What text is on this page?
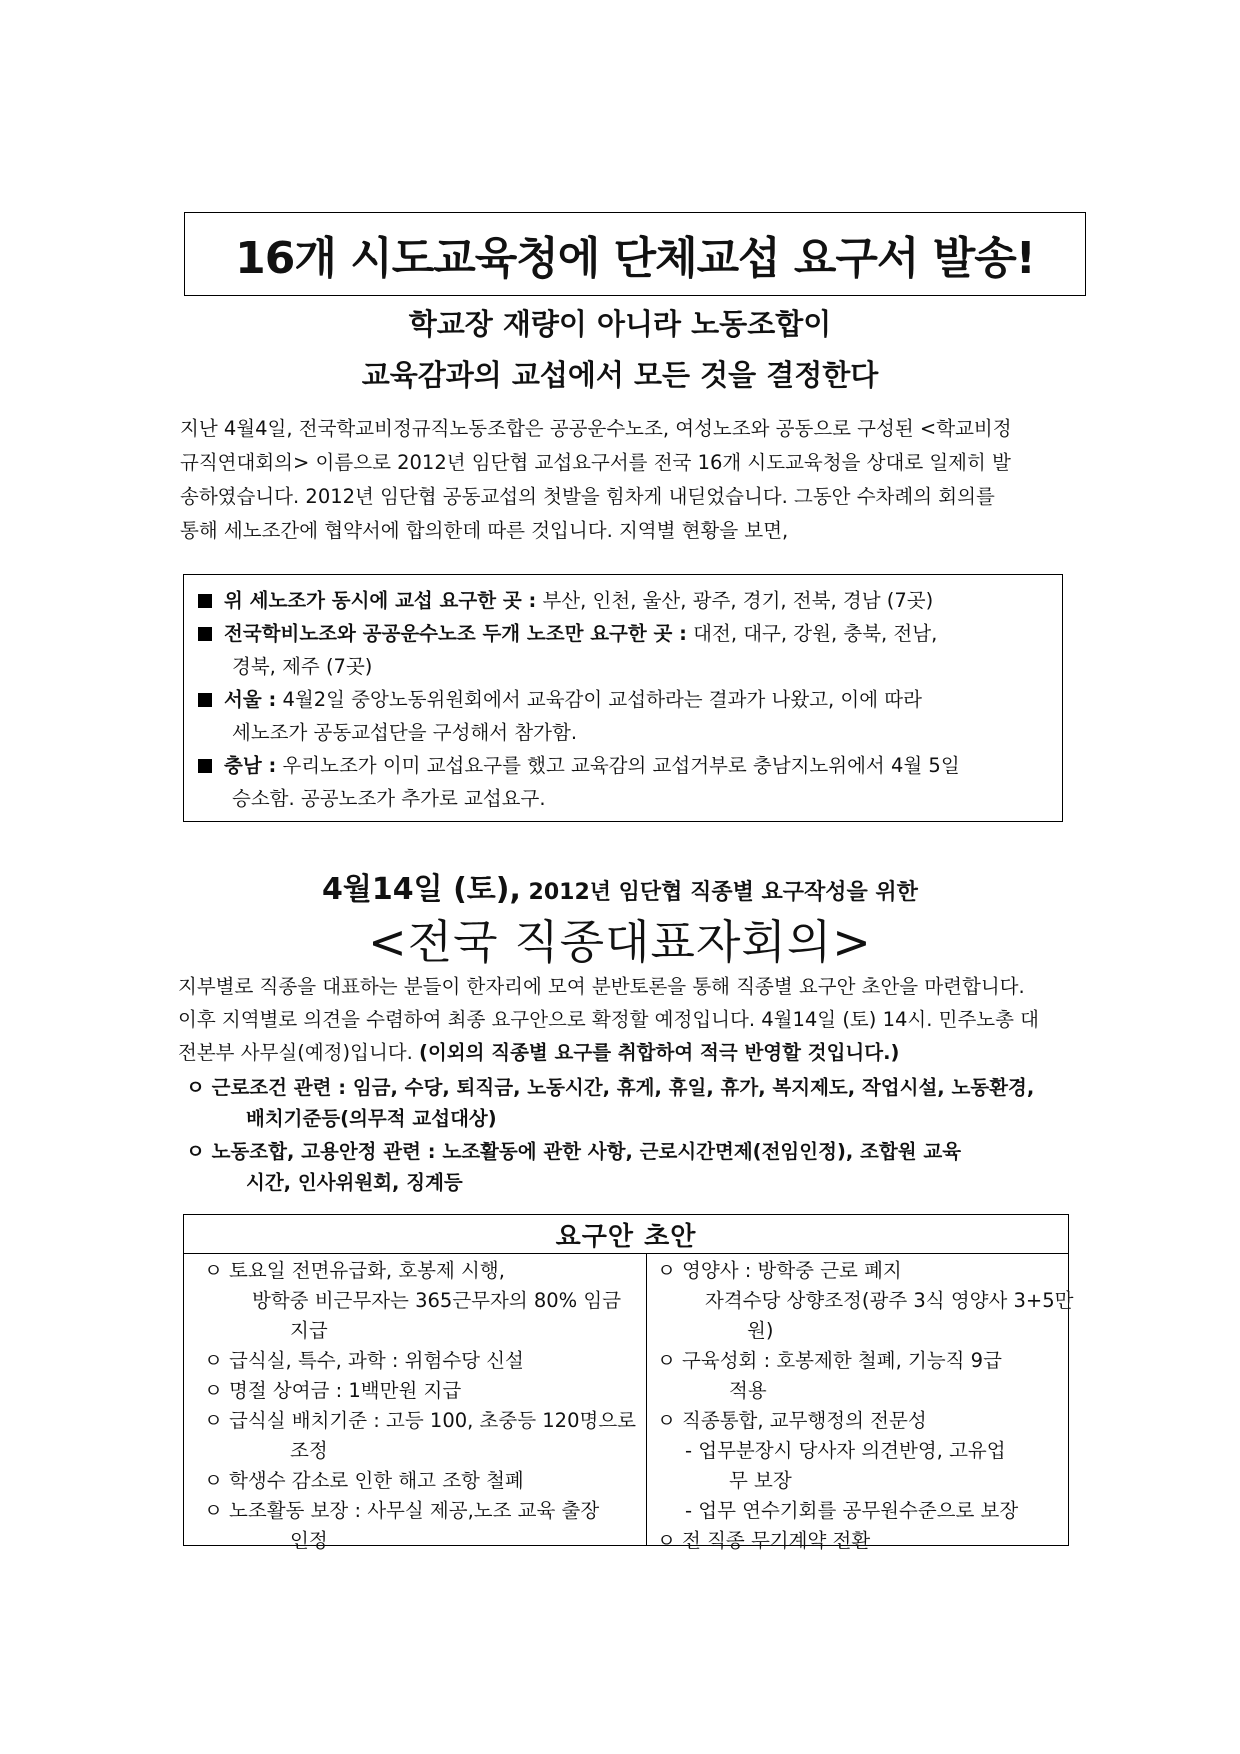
16개 시도교육청에 단체교섭 요구서 발송!
학교장 재량이 아니라 노동조합이
교육감과의 교섭에서 모든 것을 결정한다
지난 4월4일, 전국학교비정규직노동조합은 공공운수노조, 여성노조와 공동으로 구성된 <학교비정
규직연대회의> 이름으로 2012년 임단협 교섭요구서를 전국 16개 시도교육청을 상대로 일제히 발
송하였습니다. 2012년 임단협 공동교섭의 첫발을 힘차게 내딛었습니다. 그동안 수차례의 회의를
통해 세노조간에 협약서에 합의한데 따른 것입니다. 지역별 현황을 보면,
위 세노조가 동시에 교섭 요구한 곳 : 부산, 인천, 울산, 광주, 경기, 전북, 경남 (7곳)
전국학비노조와 공공운수노조 두개 노조만 요구한 곳 : 대전, 대구, 강원, 충북, 전남,
경북, 제주 (7곳)
서울 : 4월2일 중앙노동위원회에서 교육감이 교섭하라는 결과가 나왔고, 이에 따라
세노조가 공동교섭단을 구성해서 참가함.
충남 : 우리노조가 이미 교섭요구를 했고 교육감의 교섭거부로 충남지노위에서 4월 5일
승소함. 공공노조가 추가로 교섭요구.
4월14일 (토), 2012년 임단협 직종별 요구작성을 위한
<전국 직종대표자회의>
지부별로 직종을 대표하는 분들이 한자리에 모여 분반토론을 통해 직종별 요구안 초안을 마련합니다.
이후 지역별로 의견을 수렴하여 최종 요구안으로 확정할 예정입니다. 4월14일 (토) 14시. 민주노총 대
전본부 사무실(예정)입니다. (이외의 직종별 요구를 취합하여 적극 반영할 것입니다.)
ㅇ 근로조건 관련 : 임금, 수당, 퇴직금, 노동시간, 휴게, 휴일, 휴가, 복지제도, 작업시설, 노동환경,
배치기준등(의무적 교섭대상)
ㅇ 노동조합, 고용안정 관련 : 노조활동에 관한 사항, 근로시간면제(전임인정), 조합원 교육
시간, 인사위원회, 징계등
요구안 초안
ㅇ 토요일 전면유급화, 호봉제 시행,
방학중 비근무자는 365근무자의 80% 임금
지급
ㅇ 급식실, 특수, 과학 : 위험수당 신설
ㅇ 명절 상여금 : 1백만원 지급
ㅇ 급식실 배치기준 : 고등 100, 초중등 120명으로
조정
ㅇ 학생수 감소로 인한 해고 조항 철폐
ㅇ 노조활동 보장 : 사무실 제공,노조 교육 출장
인정
ㅇ 영양사 : 방학중 근로 폐지
자격수당 상향조정(광주 3식 영양사 3+5만
원)
ㅇ 구육성회 : 호봉제한 철폐, 기능직 9급
적용
ㅇ 직종통합, 교무행정의 전문성
- 업무분장시 당사자 의견반영, 고유업
무 보장
- 업무 연수기회를 공무원수준으로 보장
ㅇ 전 직종 무기계약 전환
